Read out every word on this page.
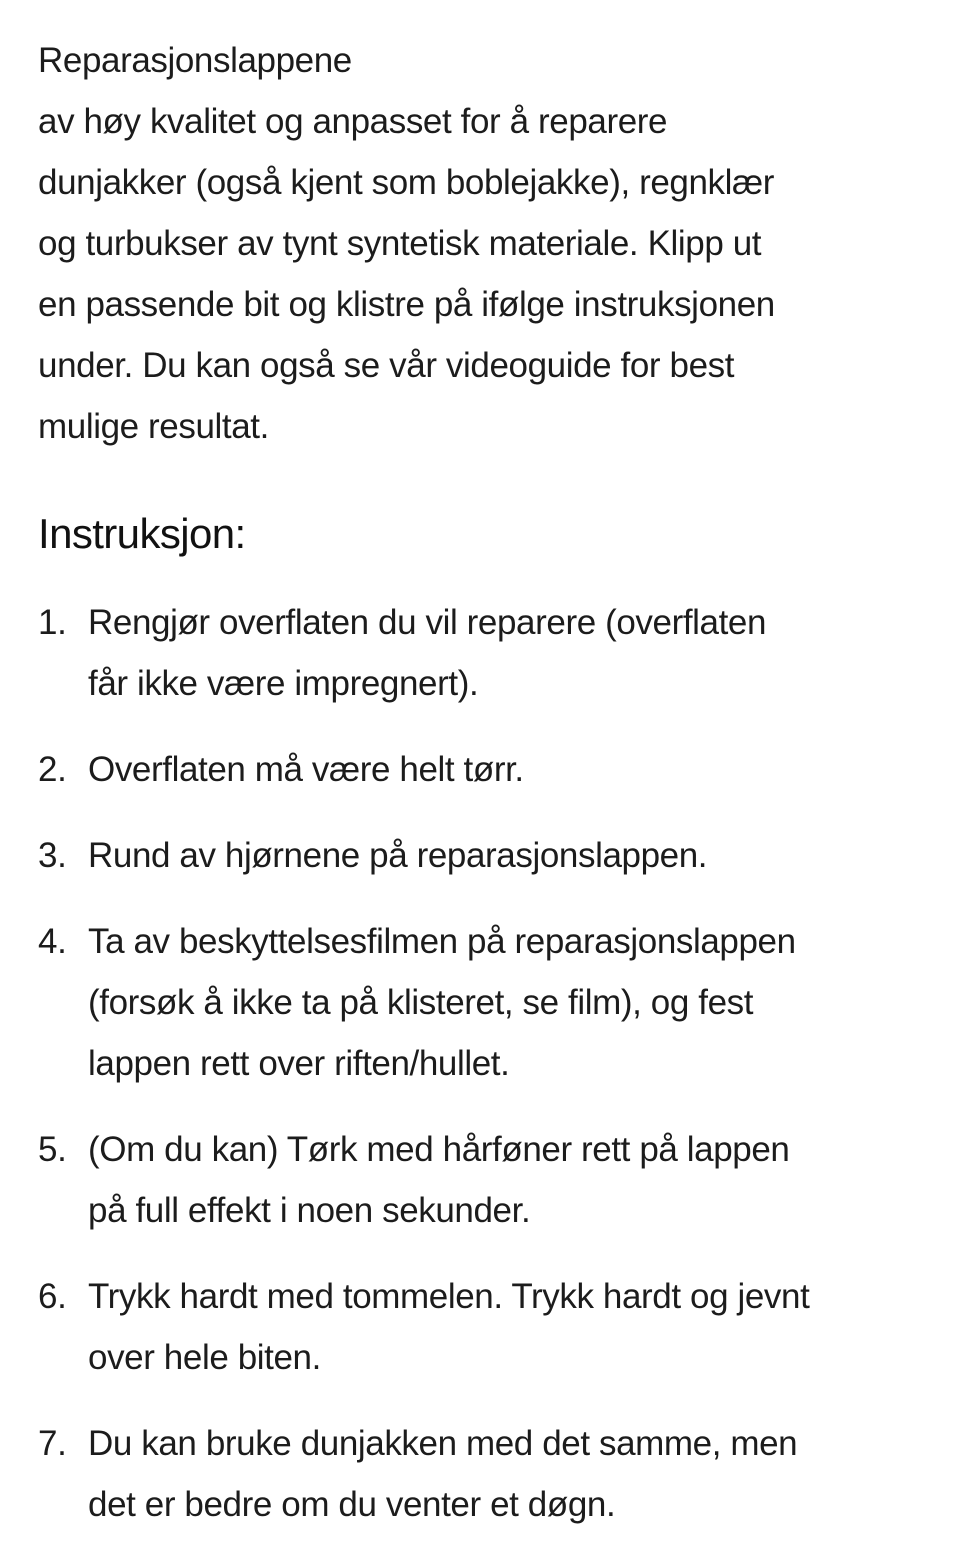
Reparasjonslappene
av høy kvalitet og anpasset for å reparere
dunjakker (også kjent som boblejakke), regnklær
og turbukser av tynt syntetisk materiale. Klipp ut
en passende bit og klistre på ifølge instruksjonen
under. Du kan også se vår videoguide for best
mulige resultat.

Instruksjon:
1. Rengjør overflaten du vil reparere (overflaten
får ikke være impregnert).
2. Overflaten må være helt tørr.
3. Rund av hjørnene på reparasjonslappen.
4. Ta av beskyttelsesfilmen på reparasjonslappen
(forsøk å ikke ta på klisteret, se film), og fest
lappen rett over riften/hullet.
5. (Om du kan) Tørk med hårføner rett på lappen
på full effekt i noen sekunder.
6. Trykk hardt med tommelen. Trykk hardt og jevnt
over hele biten.
7. Du kan bruke dunjakken med det samme, men
det er bedre om du venter et døgn.
